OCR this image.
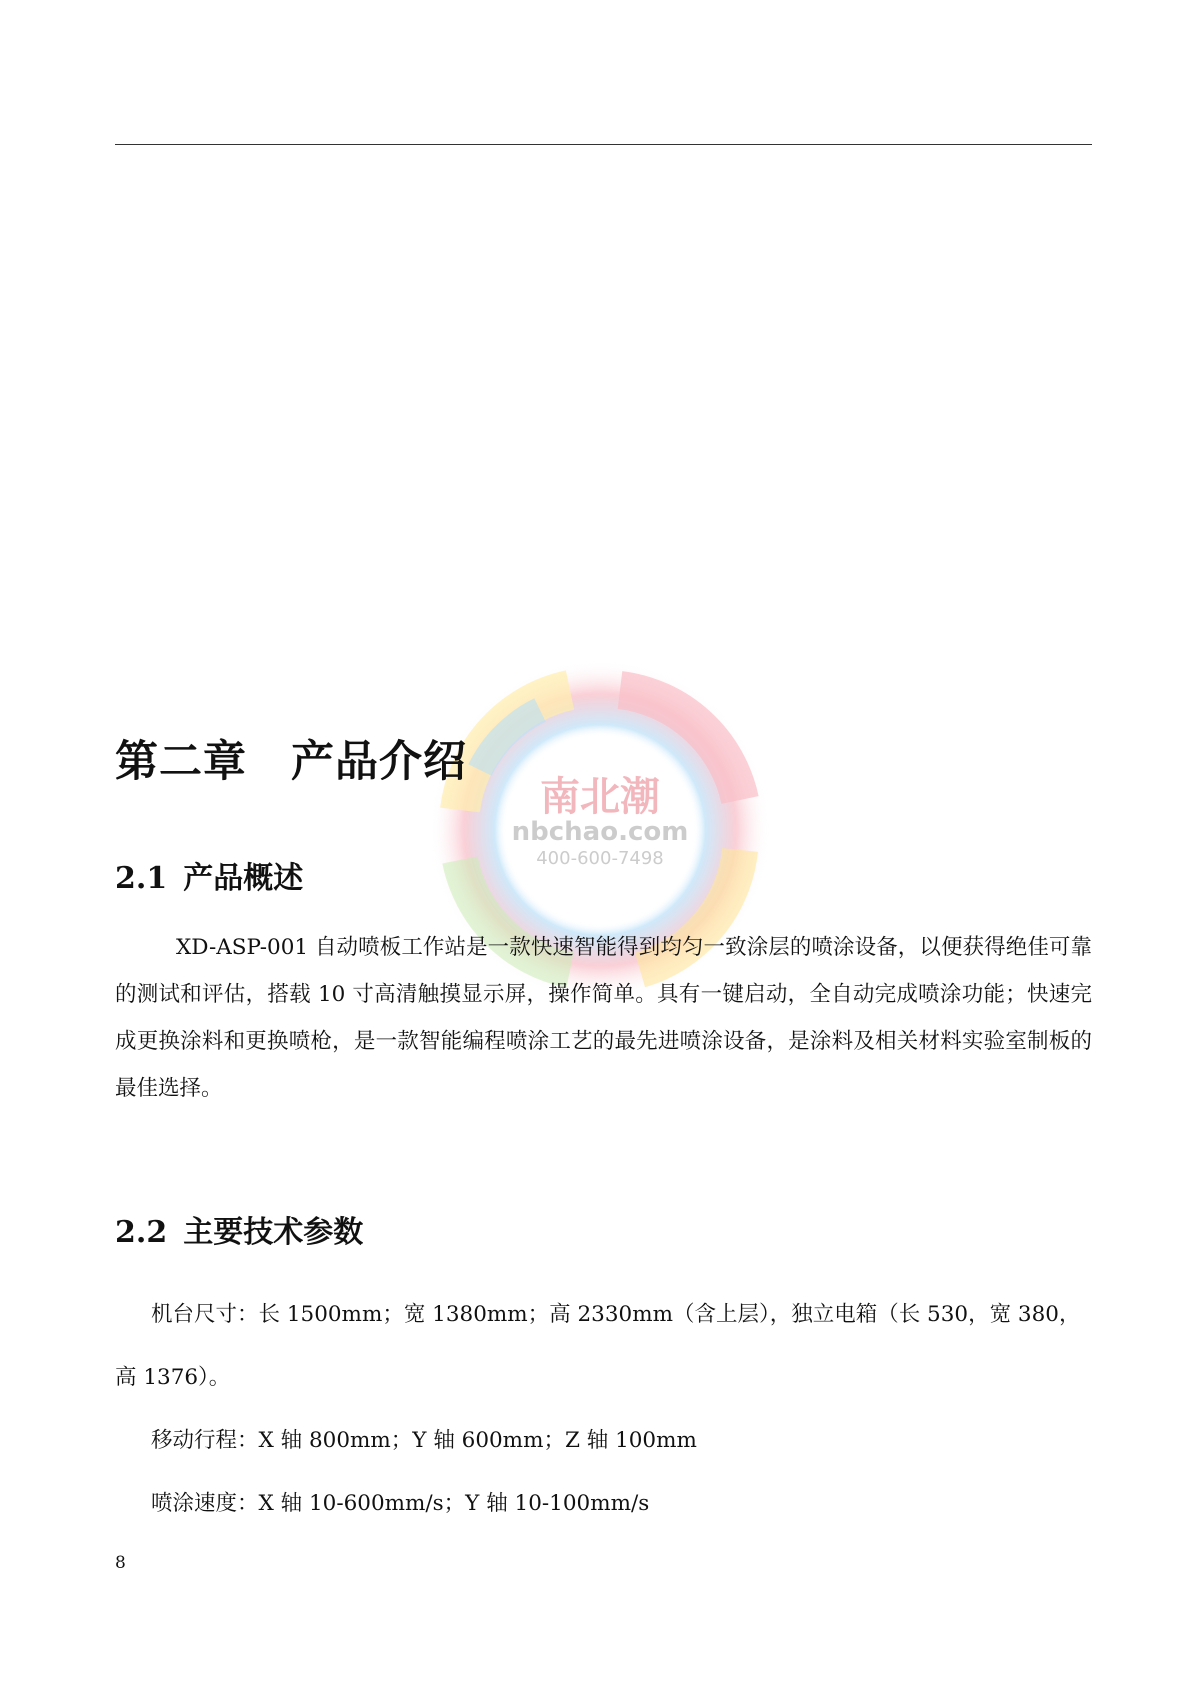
南北潮
nbchao.com
400-600-7498
第二章 产品介绍
2.1 产品概述

XD-ASP-001 自动喷板工作站是一款快速智能得到均匀一致涂层的喷涂设备，以便获得绝佳可靠的测试和评估，搭载 10 寸高清触摸显示屏，操作简单。具有一键启动，全自动完成喷涂功能；快速完成更换涂料和更换喷枪，是一款智能编程喷涂工艺的最先进喷涂设备，是涂料及相关材料实验室制板的最佳选择。

2.2 主要技术参数

机台尺寸：长 1500mm；宽 1380mm；高 2330mm（含上层），独立电箱（长 530，宽 380，高 1376）。

移动行程：X 轴 800mm；Y 轴 600mm；Z 轴 100mm

喷涂速度：X 轴 10-600mm/s；Y 轴 10-100mm/s

8
